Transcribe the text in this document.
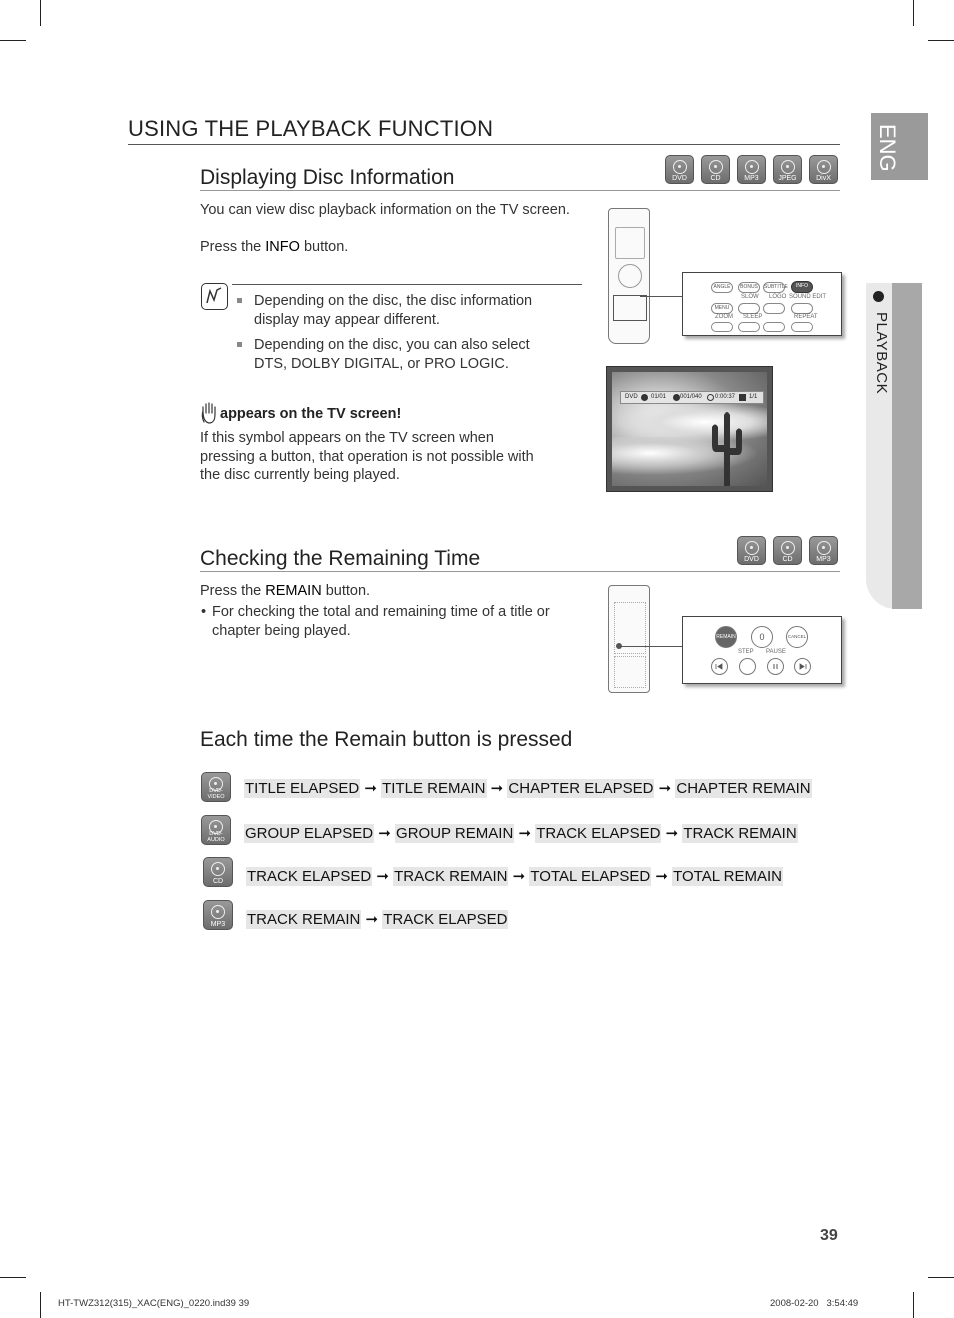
ENG
PLAYBACK
USING THE PLAYBACK FUNCTION
Displaying Disc Information	DVD	CD	MP3	JPEG	DivX
You can view disc playback information on the TV screen.
Press the INFO button.
Depending on the disc, the disc information display may appear different.
Depending on the disc, you can also select DTS, DOLBY DIGITAL, or PRO LOGIC.
appears on the TV screen!
If this symbol appears on the TV screen when pressing a button, that operation is not possible with the disc currently being played.
ANGLE	BONUS	SUBTITLE	INFO
SLOW LOGO SOUND EDIT
MENU
ZOOM SLEEP	REPEAT
DVD 01/01 001/040 0:00:37 1/1
Checking the Remaining Time	DVD	CD	MP3
Press the REMAIN button.
• For checking the total and remaining time of a title or chapter being played.	REMAIN	0	CANCEL
STEP PAUSE
Each time the Remain button is pressed
DVD-VIDEO	TITLE ELAPSED ➞ TITLE REMAIN ➞ CHAPTER ELAPSED ➞ CHAPTER REMAIN
DVD-AUDIO	GROUP ELAPSED ➞ GROUP REMAIN ➞ TRACK ELAPSED ➞ TRACK REMAIN
CD	TRACK ELAPSED ➞ TRACK REMAIN ➞ TOTAL ELAPSED ➞ TOTAL REMAIN
MP3	TRACK REMAIN ➞ TRACK ELAPSED
39
HT-TWZ312(315)_XAC(ENG)_0220.ind39 39	2008-02-20   3:54:49
